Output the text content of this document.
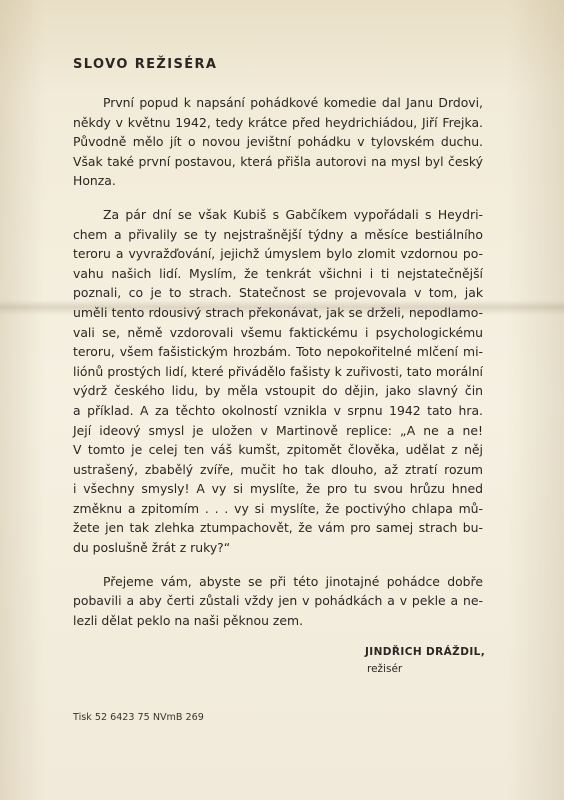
SLOVO REŽISÉRA

První popud k napsání pohádkové komedie dal Janu Drdovi,
někdy v květnu 1942, tedy krátce před heydrichiádou, Jiří Frejka.
Původně mělo jít o novou jevištní pohádku v tylovském duchu.
Však také první postavou, která přišla autorovi na mysl byl český
Honza.

Za pár dní se však Kubiš s Gabčíkem vypořádali s Heydri-
chem a přivalily se ty nejstrašnější týdny a měsíce bestiálního
teroru a vyvražďování, jejichž úmyslem bylo zlomit vzdornou po-
vahu našich lidí. Myslím, že tenkrát všichni i ti nejstatečnější
poznali, co je to strach. Statečnost se projevovala v tom, jak
uměli tento rdousivý strach překonávat, jak se drželi, nepodlamo-
vali se, němě vzdorovali všemu faktickému i psychologickému
teroru, všem fašistickým hrozbám. Toto nepokořitelné mlčení mi-
liónů prostých lidí, které přivádělo fašisty k zuřivosti, tato morální
výdrž českého lidu, by měla vstoupit do dějin, jako slavný čin
a příklad. A za těchto okolností vznikla v srpnu 1942 tato hra.
Její ideový smysl je uložen v Martinově replice: „A ne a ne!
V tomto je celej ten váš kumšt, zpitomět člověka, udělat z něj
ustrašený, zbabělý zvíře, mučit ho tak dlouho, až ztratí rozum
i všechny smysly! A vy si myslíte, že pro tu svou hrůzu hned
změknu a zpitomím . . . vy si myslíte, že poctivýho chlapa mů-
žete jen tak zlehka ztumpachovět, že vám pro samej strach bu-
du poslušně žrát z ruky?“

Přejeme vám, abyste se při této jinotajné pohádce dobře
pobavili a aby čerti zůstali vždy jen v pohádkách a v pekle a ne-
lezli dělat peklo na naši pěknou zem.

JINDŘICH DRÁŽDIL,
režisér
Tisk 52 6423 75 NVmB 269
